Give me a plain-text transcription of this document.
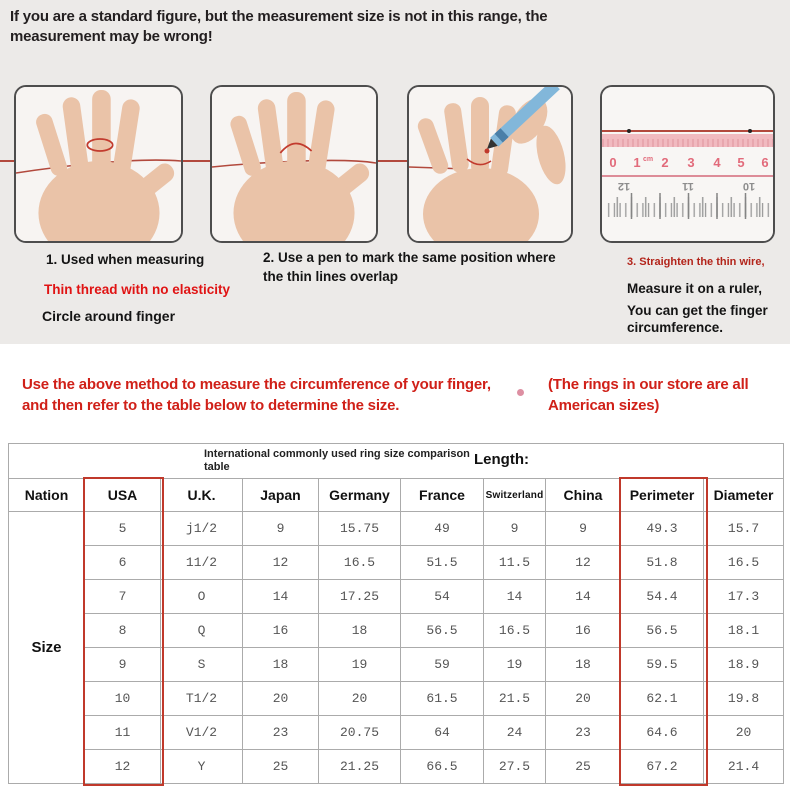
If you are a standard figure, but the measurement size is not in this range, the measurement may be wrong!
0 1 cm 2 3 4 5 6
12	11	10
1. Used when measuring
Thin thread with no elasticity
Circle around finger
2. Use a pen to mark the same position where
the thin lines overlap
3. Straighten the thin wire,
Measure it on a ruler,
You can get the finger
circumference.
Use the above method to measure the circumference of your finger,
and then refer to the table below to determine the size.
(The rings in our store are all
American sizes)
International commonly used ring size comparison table Length:									

Nation	USA	U.K.	Japan	Germany	France	Switzerland	China	Perimeter	Diameter
Size	5	j1/2	9	15.75	49	9	9	49.3	15.7
	6	11/2	12	16.5	51.5	11.5	12	51.8	16.5
	7	O	14	17.25	54	14	14	54.4	17.3
	8	Q	16	18	56.5	16.5	16	56.5	18.1
	9	S	18	19	59	19	18	59.5	18.9
	10	T1/2	20	20	61.5	21.5	20	62.1	19.8
	11	V1/2	23	20.75	64	24	23	64.6	20
	12	Y	25	21.25	66.5	27.5	25	67.2	21.4
